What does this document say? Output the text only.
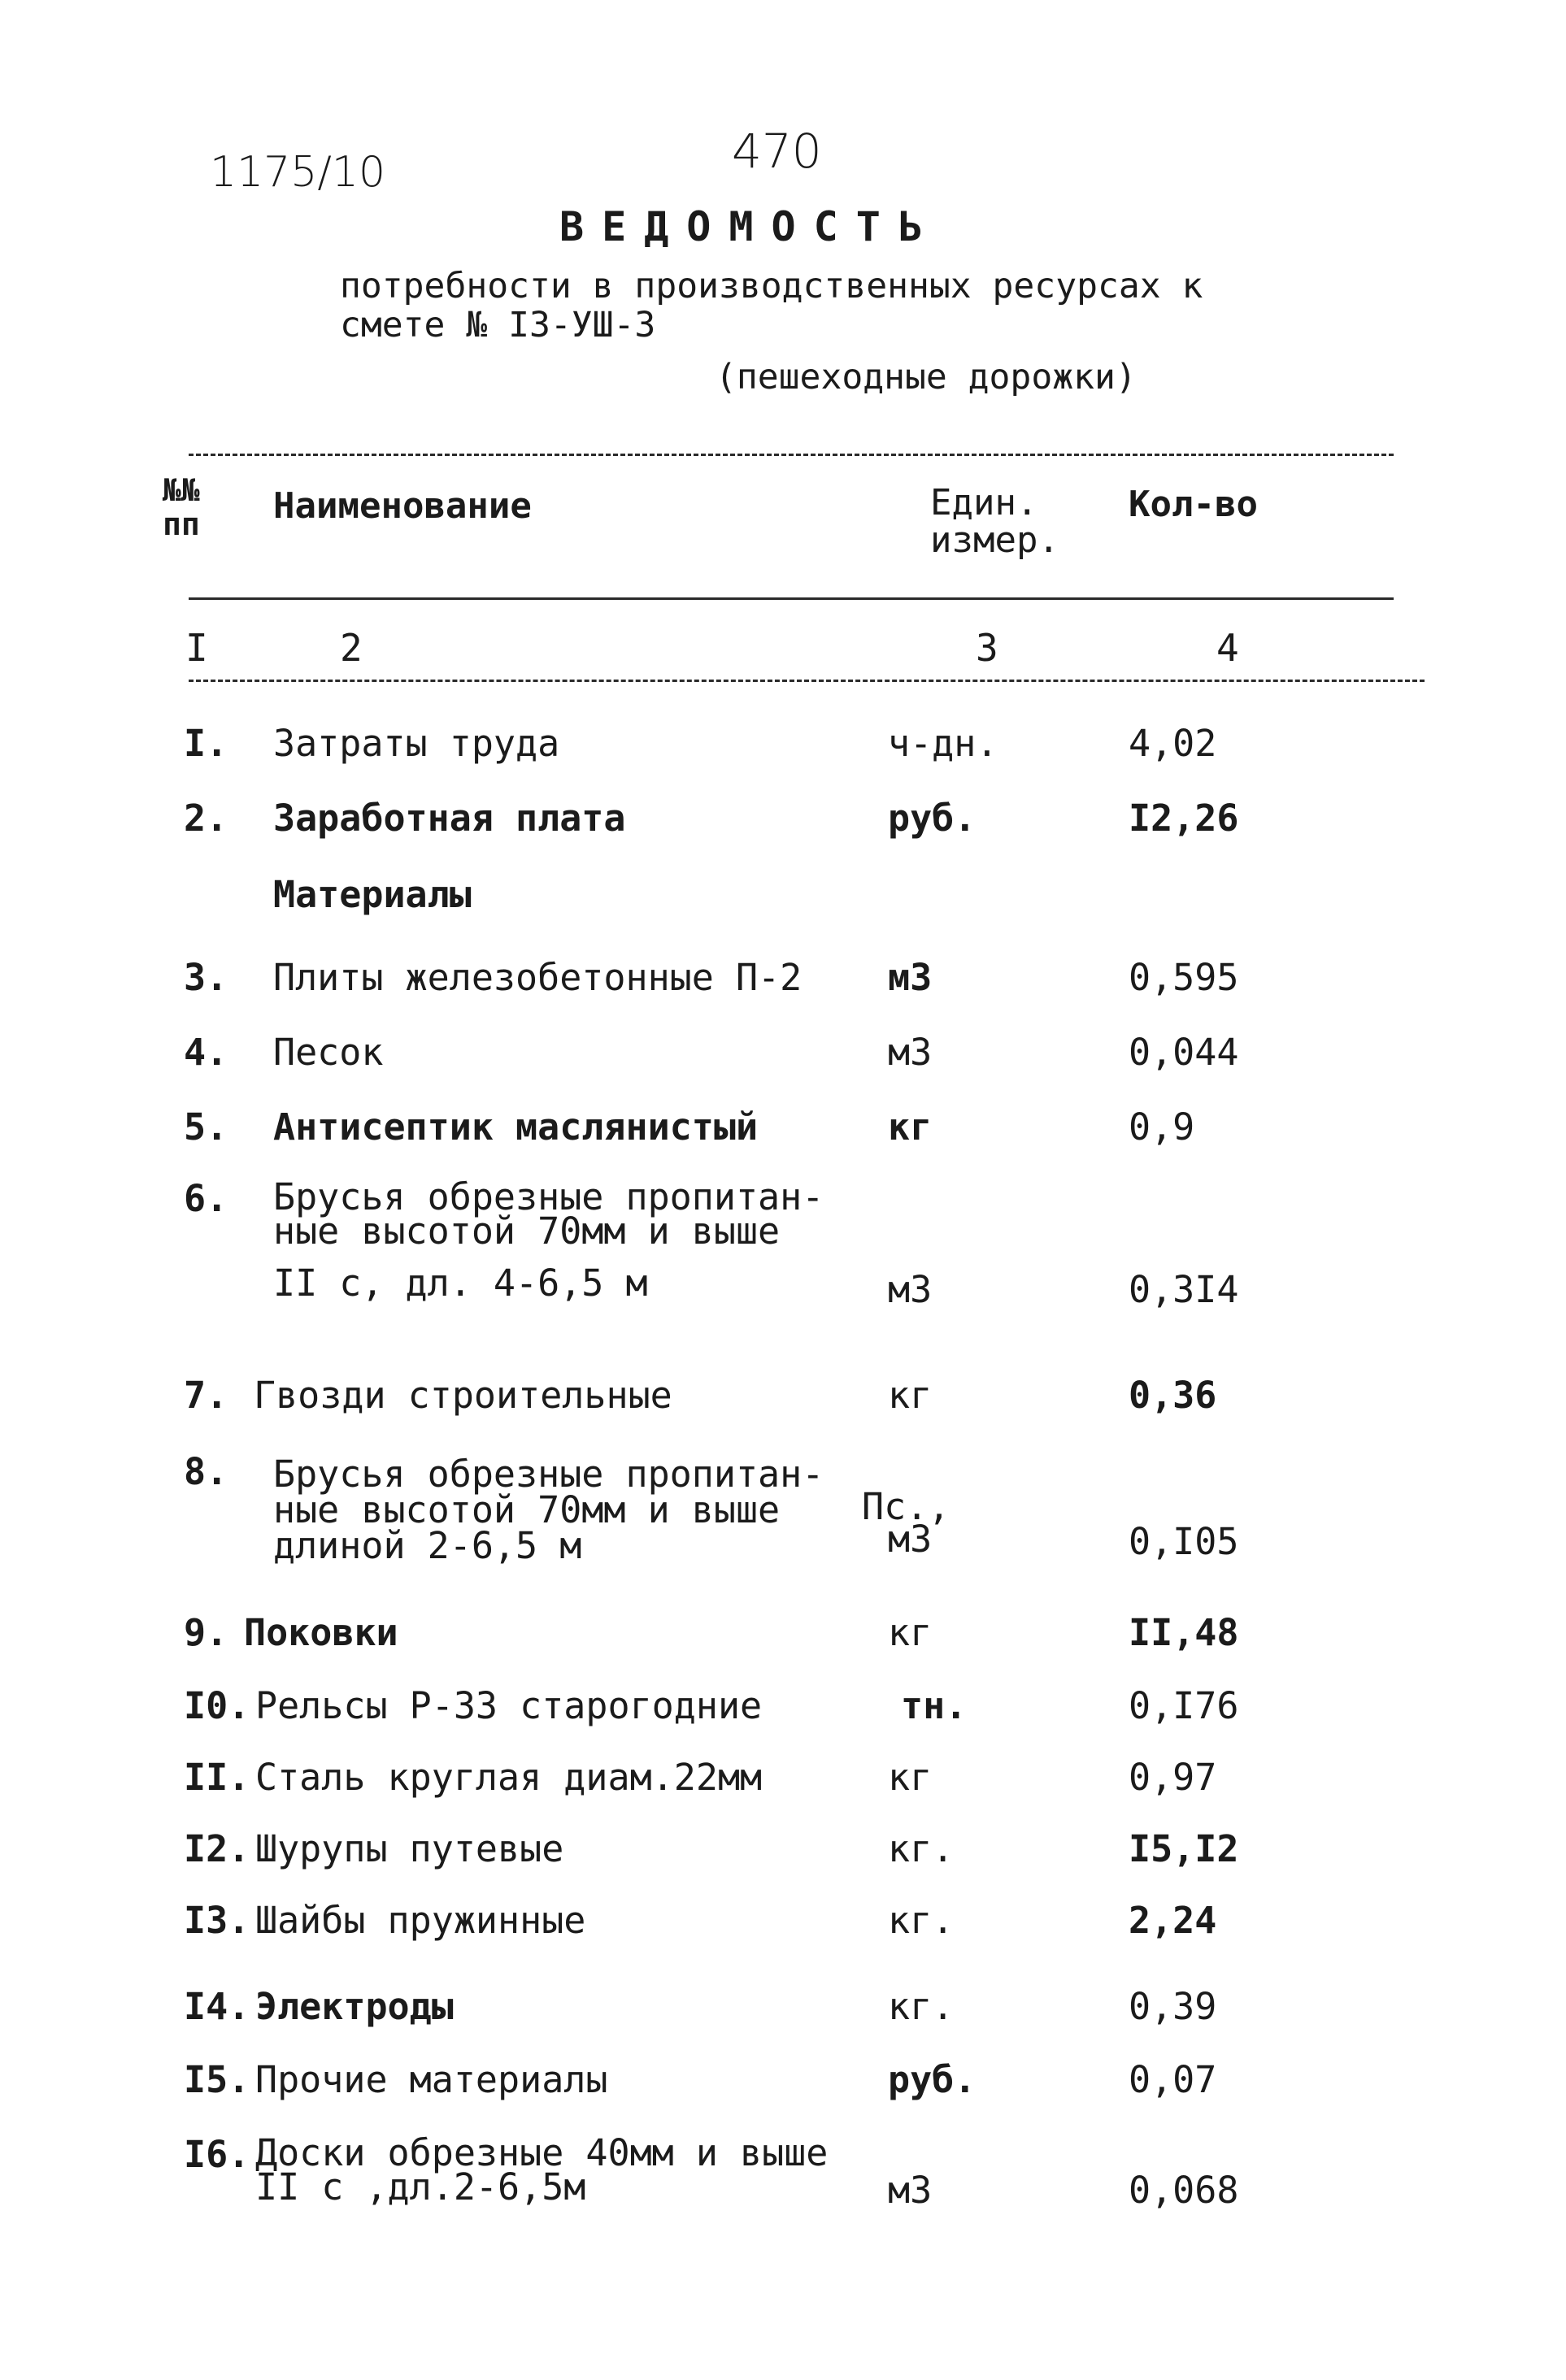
1175/10	470
ВЕДОМОСТЬ
потребности в производственных ресурсах к
смете № I3-УШ-3
(пешеходные дорожки)
№№
пп Наименование	Един.
измер.
Кол-во
I	2	3	4
I. Затраты труда	ч-дн.	4,02
2. Заработная плата	руб.	I2,26
Материалы
3. Плиты железобетонные П-2 м3	0,595
4. Песок	м3	0,044
5. Антисептик маслянистый	кг	0,9
6. Брусья обрезные пропитан-
ные высотой 70мм и выше
II с, дл. 4-6,5 м	м3	0,3I4
7. Гвозди строительные	кг	0,36
8. Брусья обрезные пропитан-
ные высотой 70мм и выше
длиной 2-6,5 м
Пс.,
м3	0,I05
9. Поковки	кг	II,48
I0. Рельсы Р-33 старогодние	тн.	0,I76
II. Сталь круглая диам.22мм	кг	0,97
I2. Шурупы путевые	кг.	I5,I2
I3. Шайбы пружинные	кг.	2,24
I4. Электроды	кг.	0,39
I5. Прочие материалы	руб.	0,07
I6. Доски обрезные 40мм и выше
II с ,дл.2-6,5м	м3	0,068
